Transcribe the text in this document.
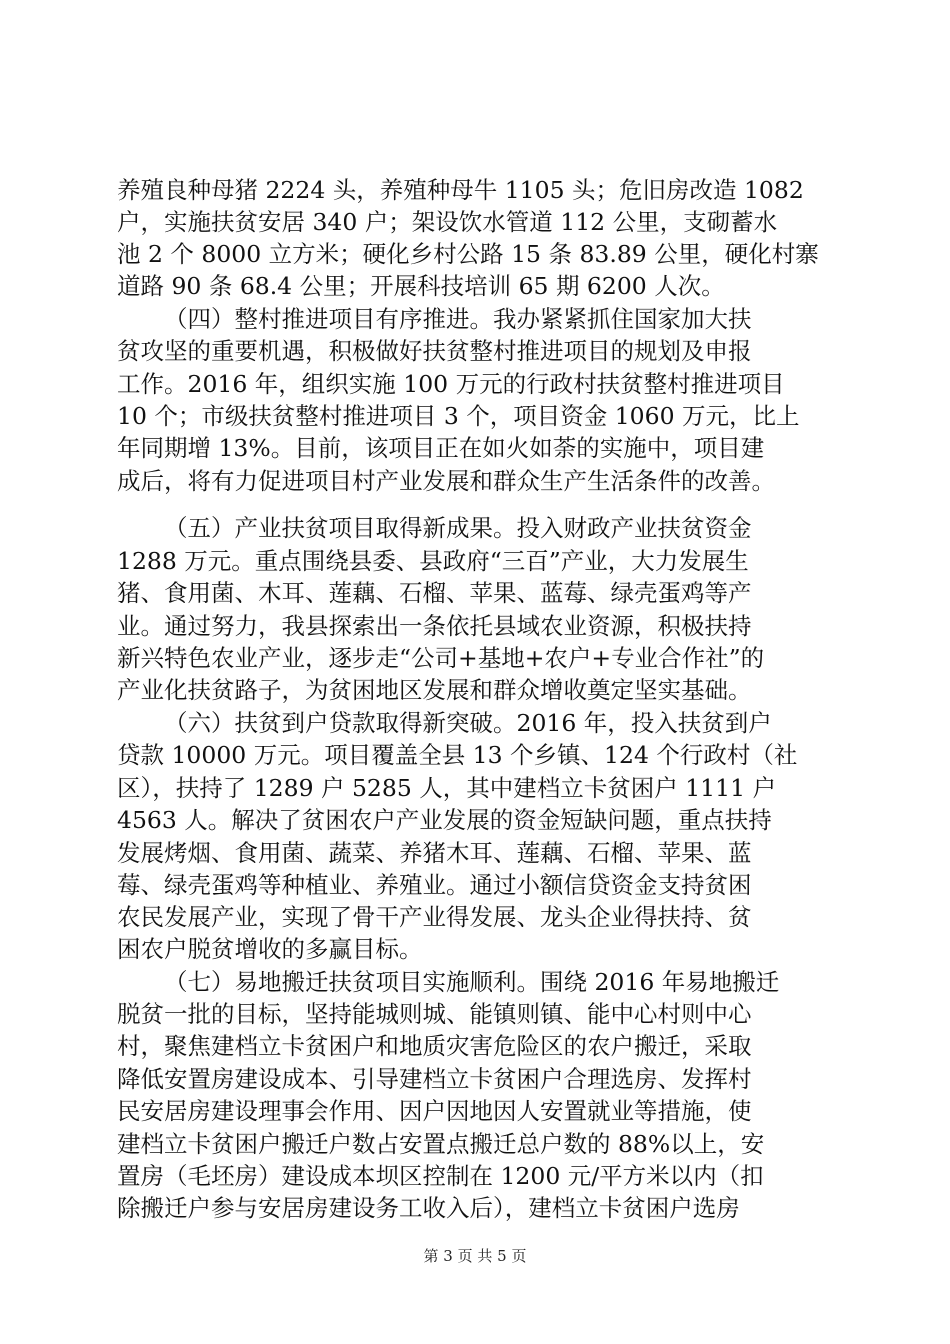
养殖良种母猪 2224 头，养殖种母牛 1105 头；危旧房改造 1082
户，实施扶贫安居 340 户；架设饮水管道 112 公里，支砌蓄水
池 2 个 8000 立方米；硬化乡村公路 15 条 83.89 公里，硬化村寨
道路 90 条 68.4 公里；开展科技培训 65 期 6200 人次。
（四）整村推进项目有序推进。我办紧紧抓住国家加大扶
贫攻坚的重要机遇，积极做好扶贫整村推进项目的规划及申报
工作。2016 年，组织实施 100 万元的行政村扶贫整村推进项目
10 个；市级扶贫整村推进项目 3 个，项目资金 1060 万元，比上
年同期增 13%。目前，该项目正在如火如荼的实施中，项目建
成后，将有力促进项目村产业发展和群众生产生活条件的改善。
（五）产业扶贫项目取得新成果。投入财政产业扶贫资金
1288 万元。重点围绕县委、县政府“三百”产业，大力发展生
猪、食用菌、木耳、莲藕、石榴、苹果、蓝莓、绿壳蛋鸡等产
业。通过努力，我县探索出一条依托县域农业资源，积极扶持
新兴特色农业产业，逐步走“公司+基地+农户+专业合作社”的
产业化扶贫路子，为贫困地区发展和群众增收奠定坚实基础。
（六）扶贫到户贷款取得新突破。2016 年，投入扶贫到户
贷款 10000 万元。项目覆盖全县 13 个乡镇、124 个行政村（社
区），扶持了 1289 户 5285 人，其中建档立卡贫困户 1111 户
4563 人。解决了贫困农户产业发展的资金短缺问题，重点扶持
发展烤烟、食用菌、蔬菜、养猪木耳、莲藕、石榴、苹果、蓝
莓、绿壳蛋鸡等种植业、养殖业。通过小额信贷资金支持贫困
农民发展产业，实现了骨干产业得发展、龙头企业得扶持、贫
困农户脱贫增收的多赢目标。
（七）易地搬迁扶贫项目实施顺利。围绕 2016 年易地搬迁
脱贫一批的目标，坚持能城则城、能镇则镇、能中心村则中心
村，聚焦建档立卡贫困户和地质灾害危险区的农户搬迁，采取
降低安置房建设成本、引导建档立卡贫困户合理选房、发挥村
民安居房建设理事会作用、因户因地因人安置就业等措施，使
建档立卡贫困户搬迁户数占安置点搬迁总户数的 88%以上，安
置房（毛坯房）建设成本坝区控制在 1200 元/平方米以内（扣
除搬迁户参与安居房建设务工收入后），建档立卡贫困户选房
第 3 页 共 5 页
